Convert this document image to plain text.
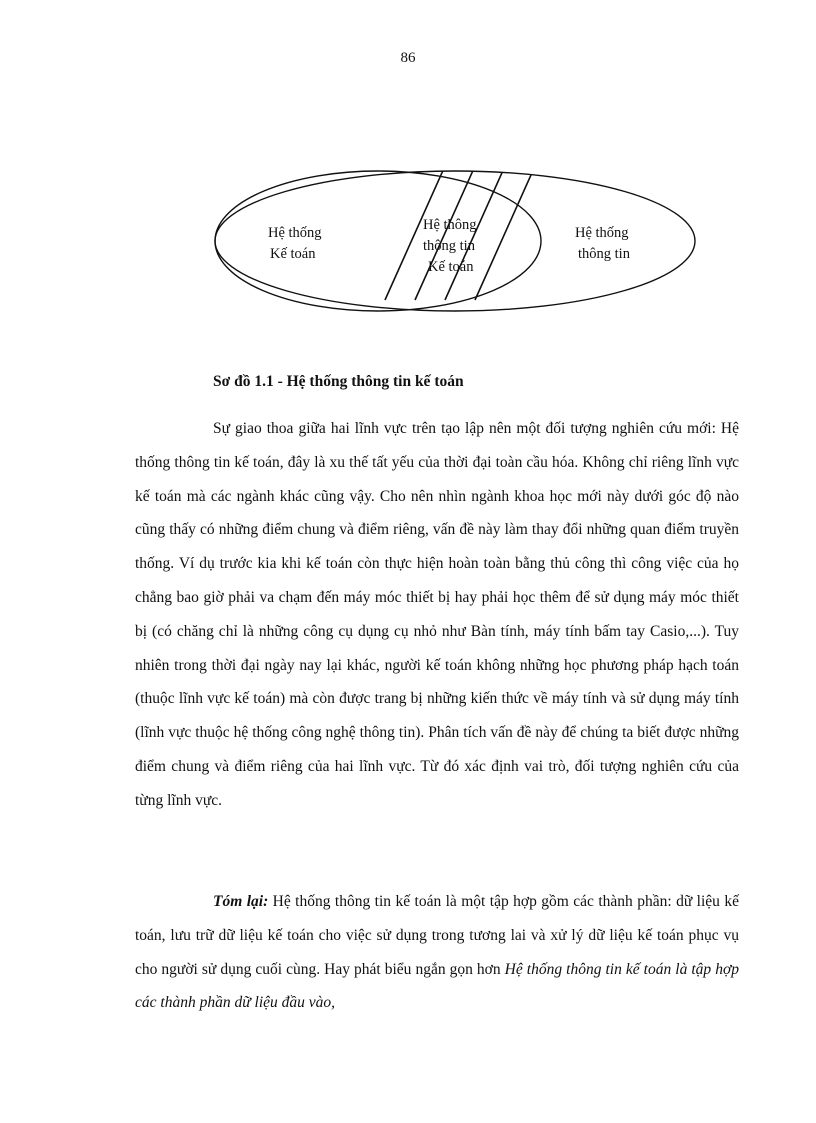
86
Hệ thống
Kế toán
Hệ thống
thông tin
Hệ thông
thông tin
Kế toán
Sơ đồ 1.1 - Hệ thống thông tin kế toán

Sự giao thoa giữa hai lĩnh vực trên tạo lập nên một đối tượng nghiên cứu mới: Hệ thống thông tin kế toán, đây là xu thế tất yếu của thời đại toàn cầu hóa. Không chỉ riêng lĩnh vực kế toán mà các ngành khác cũng vậy. Cho nên nhìn ngành khoa học mới này dưới góc độ nào cũng thấy có những điểm chung và điểm riêng, vấn đề này làm thay đổi những quan điểm truyền thống. Ví dụ trước kia khi kế toán còn thực hiện hoàn toàn bằng thủ công thì công việc của họ chẳng bao giờ phải va chạm đến máy móc thiết bị hay phải học thêm để sử dụng máy móc thiết bị (có chăng chỉ là những công cụ dụng cụ nhỏ như Bàn tính, máy tính bấm tay Casio,...). Tuy nhiên trong thời đại ngày nay lại khác, người kế toán không những học phương pháp hạch toán (thuộc lĩnh vực kế toán) mà còn được trang bị những kiến thức về máy tính và sử dụng máy tính (lĩnh vực thuộc hệ thống công nghệ thông tin). Phân tích vấn đề này để chúng ta biết được những điểm chung và điểm riêng của hai lĩnh vực. Từ đó xác định vai trò, đối tượng nghiên cứu của từng lĩnh vực.

Tóm lại: Hệ thống thông tin kế toán là một tập hợp gồm các thành phần: dữ liệu kế toán, lưu trữ dữ liệu kế toán cho việc sử dụng trong tương lai và xử lý dữ liệu kế toán phục vụ cho người sử dụng cuối cùng. Hay phát biểu ngắn gọn hơn Hệ thống thông tin kế toán là tập hợp các thành phần dữ liệu đầu vào,
